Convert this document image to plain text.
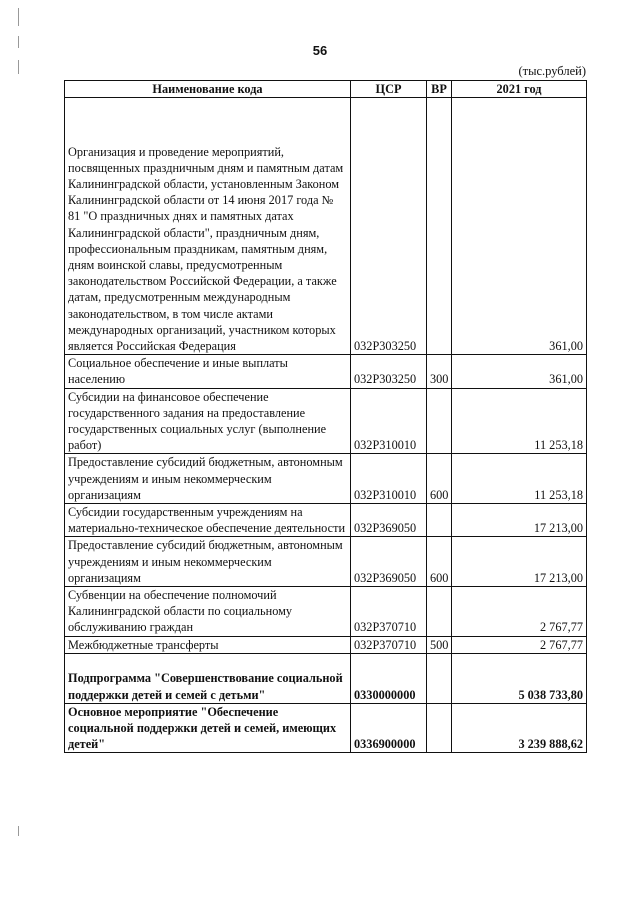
56
(тыс.рублей)
Наименование кода	ЦСР	ВР	2021 год
Организация и проведение мероприятий, посвященных праздничным дням и памятным датам Калининградской области, установленным Законом Калининградской области от 14 июня 2017 года № 81 "О праздничных днях и памятных датах Калининградской области", праздничным дням, профессиональным праздникам, памятным дням, дням воинской славы, предусмотренным законодательством Российской Федерации, а также датам, предусмотренным международным законодательством, в том числе актами международных организаций, участником которых является Российская Федерация	032P303250		361,00
Социальное обеспечение и иные выплаты населению	032P303250	300	361,00
Субсидии на финансовое обеспечение государственного задания на предоставление государственных социальных услуг (выполнение работ)	032P310010		11 253,18
Предоставление субсидий бюджетным, автономным учреждениям и иным некоммерческим организациям	032P310010	600	11 253,18
Субсидии государственным учреждениям на материально-техническое обеспечение деятельности	032P369050		17 213,00
Предоставление субсидий бюджетным, автономным учреждениям и иным некоммерческим организациям	032P369050	600	17 213,00
Субвенции на обеспечение полномочий Калининградской области по социальному обслуживанию граждан	032P370710		2 767,77
Межбюджетные трансферты	032P370710	500	2 767,77
Подпрограмма "Совершенствование социальной поддержки детей и семей с детьми"	0330000000		5 038 733,80
Основное мероприятие "Обеспечение социальной поддержки детей и семей, имеющих детей"	0336900000		3 239 888,62
